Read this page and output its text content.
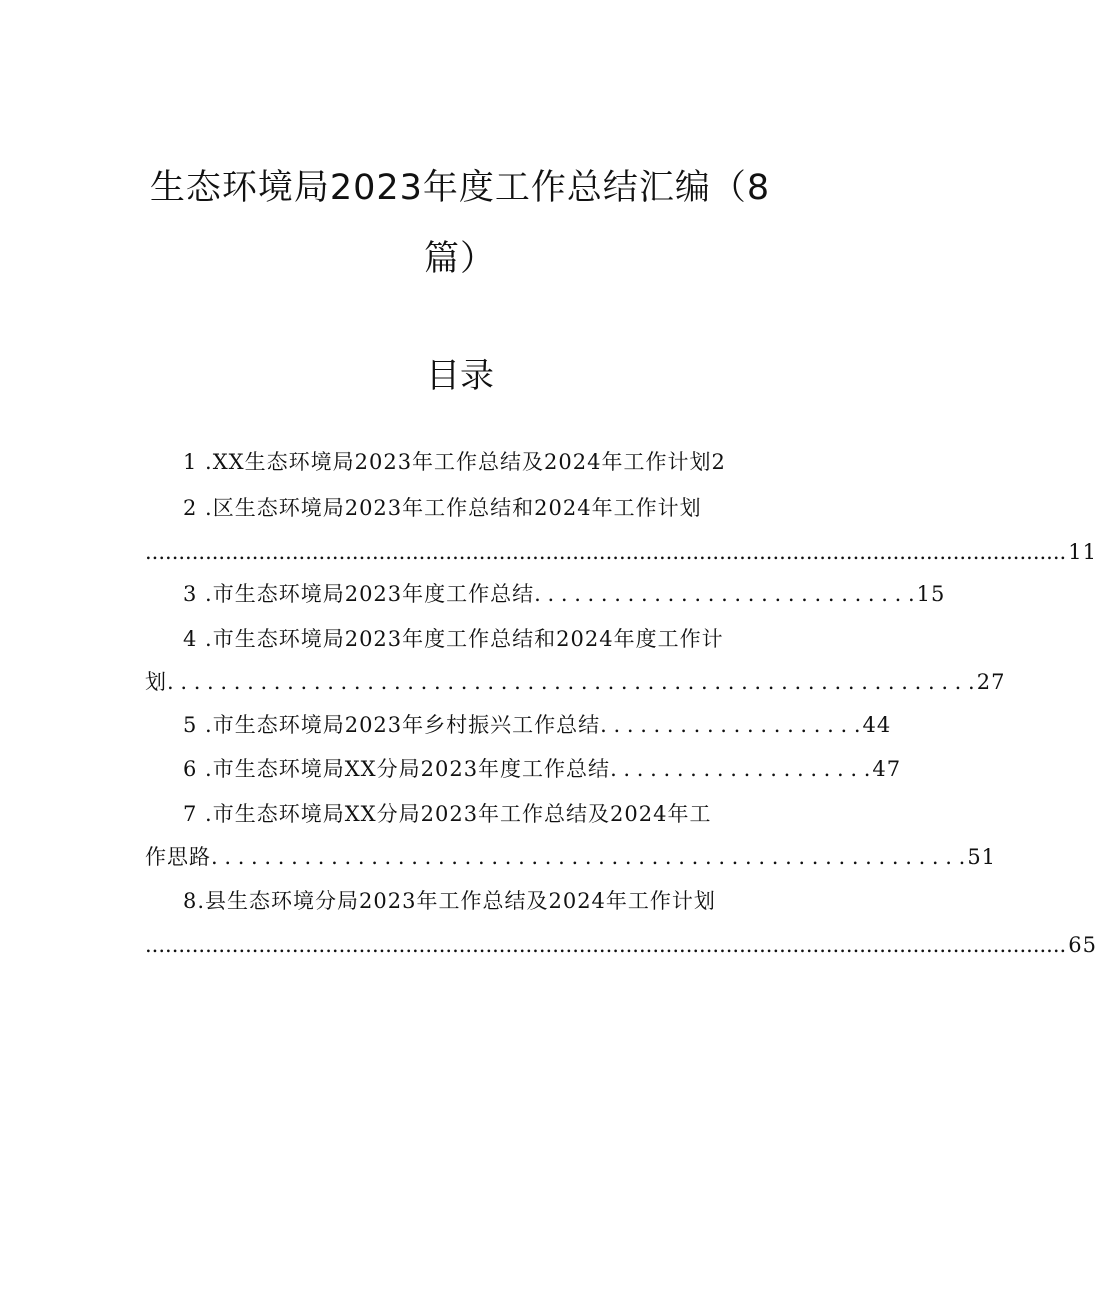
生态环境局2023年度工作总结汇编（8
篇）
目录
1 .XX生态环境局2023年工作总结及2024年工作计划2
2 .区生态环境局2023年工作总结和2024年工作计划
.......................................................................................................................................... 11
3 .市生态环境局2023年度工作总结 . . . . . . . . . . . . . . . . . . . . . . . . . . . . . 15
4 .市生态环境局2023年度工作总结和2024年度工作计
划 . . . . . . . . . . . . . . . . . . . . . . . . . . . . . . . . . . . . . . . . . . . . . . . . . . . . . . . . . . . . . 27
5 .市生态环境局2023年乡村振兴工作总结 . . . . . . . . . . . . . . . . . . . . 44
6 .市生态环境局XX分局2023年度工作总结 . . . . . . . . . . . . . . . . . . . . 47
7 .市生态环境局XX分局2023年工作总结及2024年工
作思路 . . . . . . . . . . . . . . . . . . . . . . . . . . . . . . . . . . . . . . . . . . . . . . . . . . . . . . . . . 51
8.县生态环境分局2023年工作总结及2024年工作计划
.......................................................................................................................................... 65
